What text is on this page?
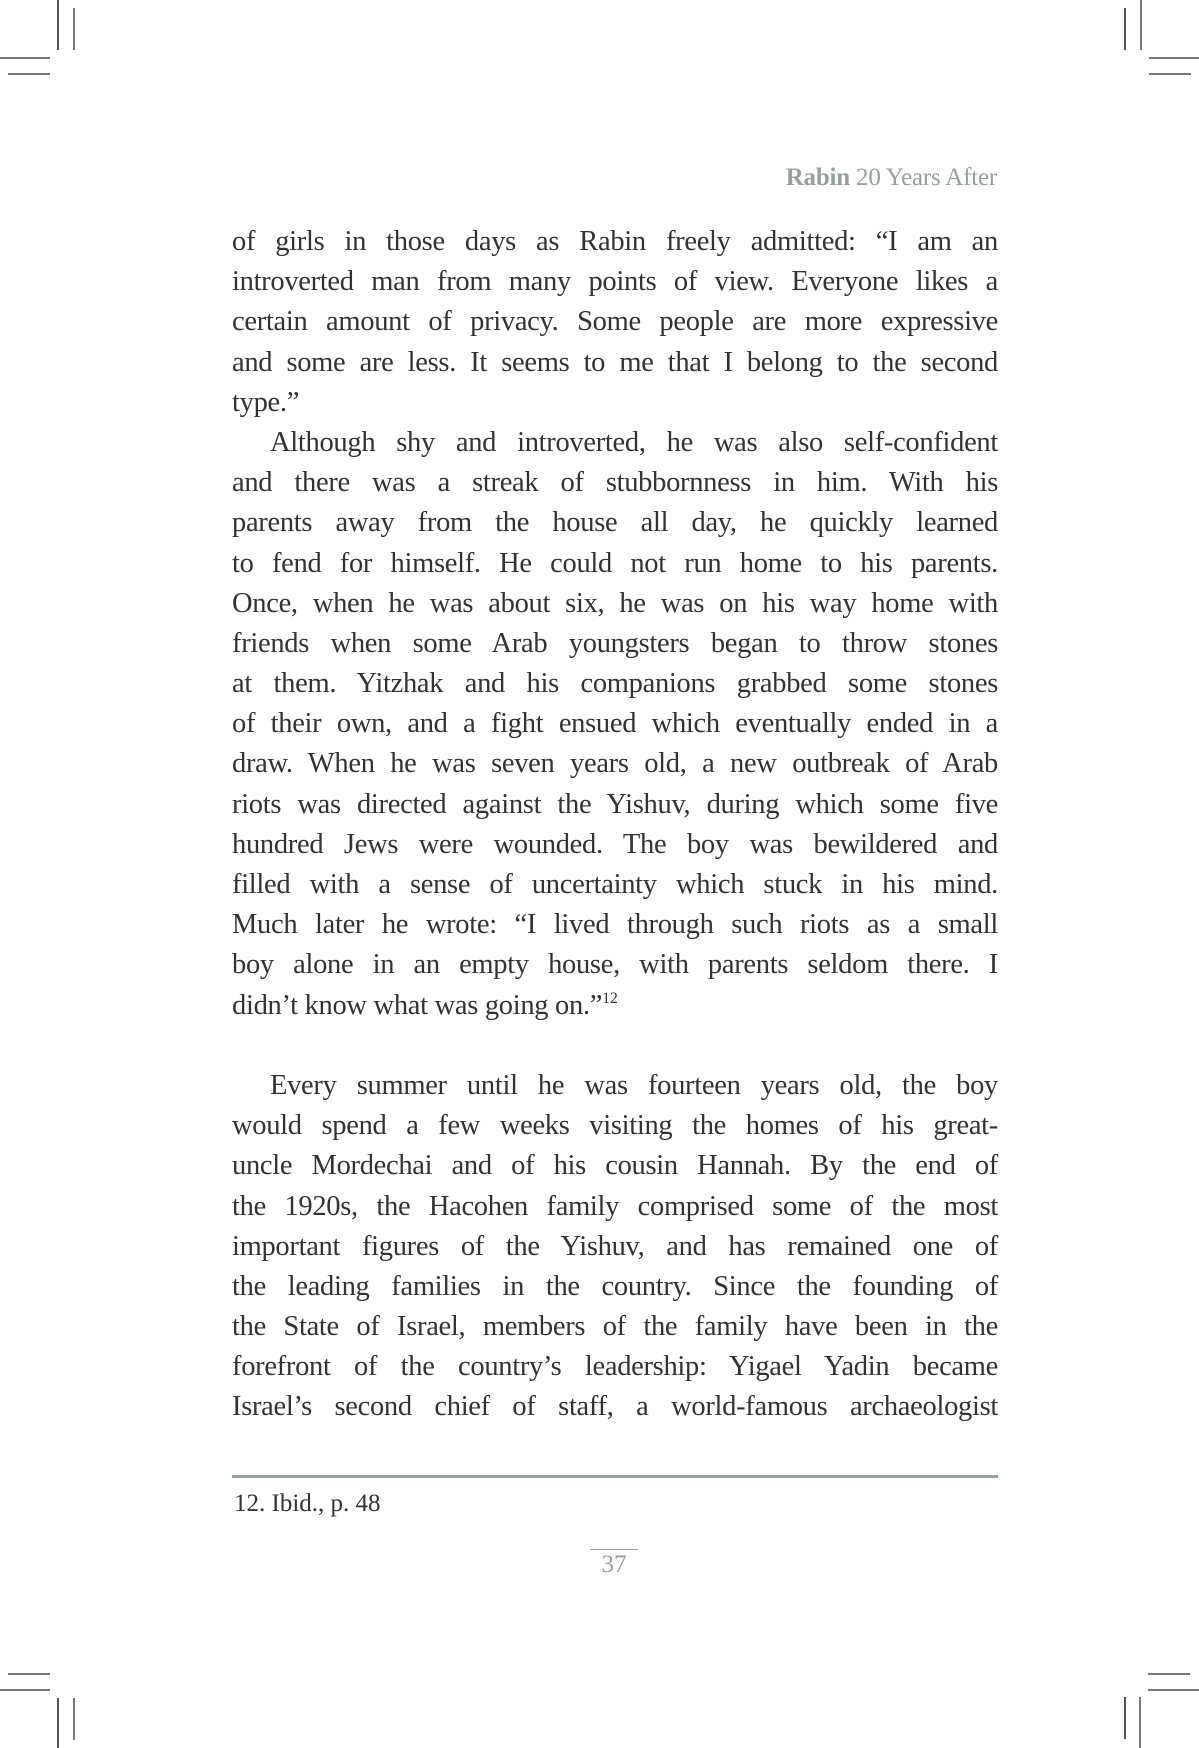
Rabin 20 Years After
of girls in those days as Rabin freely admitted: “I am an
introverted man from many points of view. Everyone likes a
certain amount of privacy. Some people are more expressive
and some are less. It seems to me that I belong to the second
type.”
Although shy and introverted, he was also self-confident
and there was a streak of stubbornness in him. With his
parents away from the house all day, he quickly learned
to fend for himself. He could not run home to his parents.
Once, when he was about six, he was on his way home with
friends when some Arab youngsters began to throw stones
at them. Yitzhak and his companions grabbed some stones
of their own, and a fight ensued which eventually ended in a
draw. When he was seven years old, a new outbreak of Arab
riots was directed against the Yishuv, during which some five
hundred Jews were wounded. The boy was bewildered and
filled with a sense of uncertainty which stuck in his mind.
Much later he wrote: “I lived through such riots as a small
boy alone in an empty house, with parents seldom there. I
didn’t know what was going on.”$^{12}$
Every summer until he was fourteen years old, the boy
would spend a few weeks visiting the homes of his great-
uncle Mordechai and of his cousin Hannah. By the end of
the 1920s, the Hacohen family comprised some of the most
important figures of the Yishuv, and has remained one of
the leading families in the country. Since the founding of
the State of Israel, members of the family have been in the
forefront of the country’s leadership: Yigael Yadin became
Israel’s second chief of staff, a world-famous archaeologist
12. Ibid., p. 48
37
